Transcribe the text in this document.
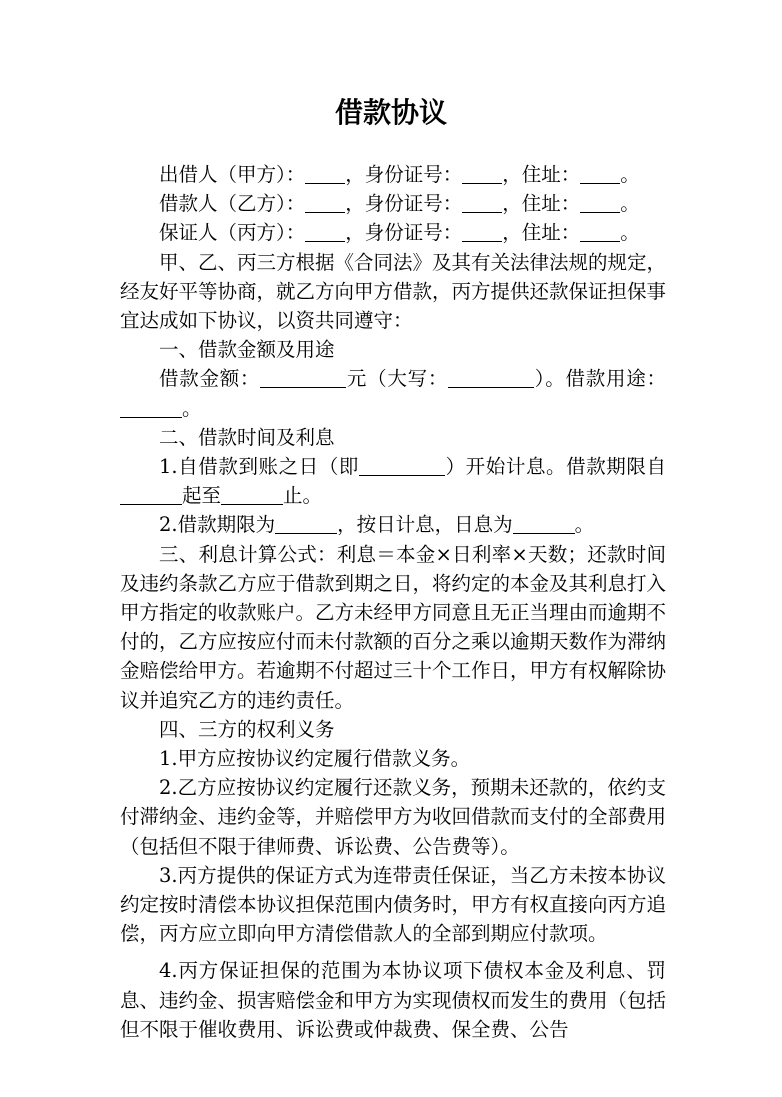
借款协议

出借人（甲方）： ，身份证号： ，住址： 。

借款人（乙方）： ，身份证号： ，住址： 。

保证人（丙方）： ，身份证号： ，住址： 。

甲、乙、丙三方根据《合同法》及其有关法律法规的规定，经友好平等协商，就乙方向甲方借款，丙方提供还款保证担保事宜达成如下协议，以资共同遵守：

一、借款金额及用途

借款金额：	元（大写：	）。借款用途：。

二、借款时间及利息

1.自借款到账之日（即	）开始计息。借款期限自起至	止。

2.借款期限为	，按日计息，日息为	。

三、利息计算公式：利息＝本金×日利率×天数；还款时间及违约条款乙方应于借款到期之日，将约定的本金及其利息打入甲方指定的收款账户。乙方未经甲方同意且无正当理由而逾期不付的，乙方应按应付而未付款额的百分之乘以逾期天数作为滞纳金赔偿给甲方。若逾期不付超过三十个工作日，甲方有权解除协议并追究乙方的违约责任。

四、三方的权利义务

1.甲方应按协议约定履行借款义务。

2.乙方应按协议约定履行还款义务，预期未还款的，依约支付滞纳金、违约金等，并赔偿甲方为收回借款而支付的全部费用（包括但不限于律师费、诉讼费、公告费等）。

3.丙方提供的保证方式为连带责任保证，当乙方未按本协议约定按时清偿本协议担保范围内债务时，甲方有权直接向丙方追偿，丙方应立即向甲方清偿借款人的全部到期应付款项。

4.丙方保证担保的范围为本协议项下债权本金及利息、罚息、违约金、损害赔偿金和甲方为实现债权而发生的费用（包括但不限于催收费用、诉讼费或仲裁费、保全费、公告
